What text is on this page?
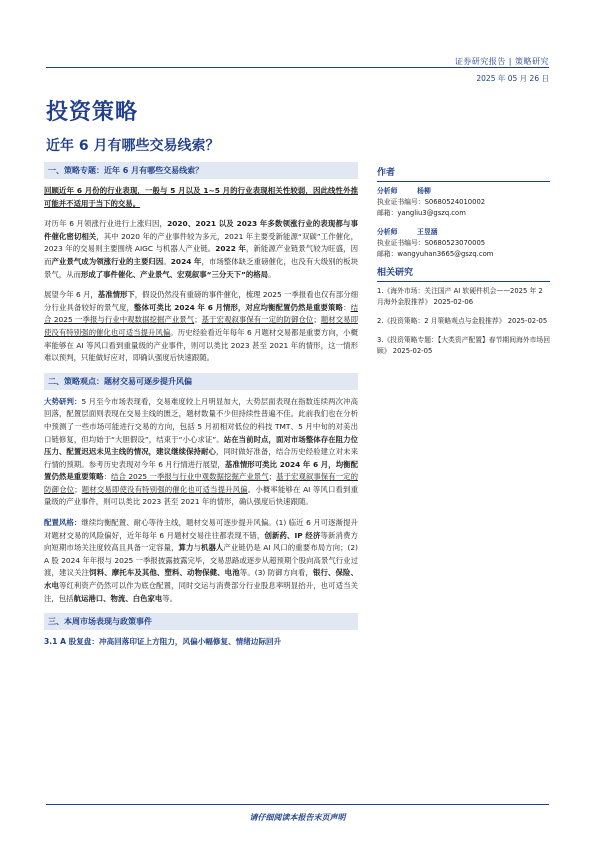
证券研究报告 | 策略研究
2025 年 05 月 26 日
投资策略
近年 6 月有哪些交易线索？
一、策略专题：近年 6 月有哪些交易线索？

回顾近年 6 月份的行业表现，一般与 5 月以及 1~5 月的行业表现相关性较弱，因此线性外推可能并不适用于当下的交易。

对历年 6 月领涨行业进行上涨归因，2020、2021 以及 2023 年多数领涨行业的表现都与事件催化密切相关，其中 2020 年的产业事件较为多元，2021 年主要受新能源“双碳”工作催化，2023 年的交易则主要围绕 AIGC 与机器人产业链。2022 年，新能源产业链景气较为旺盛，因而产业景气成为领涨行业的主要归因。2024 年，市场整体缺乏重磅催化，也没有大级别的板块景气，从而形成了事件催化、产业景气、宏观叙事“三分天下”的格局。

展望今年 6 月，基准情形下，假设仍然没有重磅的事件催化，梳理 2025 一季报看也仅有部分细分行业具备较好的景气度，整体可类比 2024 年 6 月情形，对应均衡配置仍然是重要策略：结合 2025 一季报与行业中观数据挖掘产业景气；基于宏观叙事保有一定的防御仓位；题材交易即使没有特别强的催化也可适当提升风偏。历史经验看近年每年 6 月题材交易都是重要方向，小概率能够在 AI 等风口看到重量级的产业事件，则可以类比 2023 甚至 2021 年的情形，这一情形难以预判，只能做好应对，即确认强度后快速跟随。

二、策略观点：题材交易可逐步提升风偏

大势研判：5 月至今市场表现看，交易难度较上月明显加大，大势层面表现在指数连续两次冲高回落，配置层面则表现在交易主线的匮乏，题材数量不少但持续性普遍不佳。此前我们也在分析中预测了一些市场可能进行交易的方向，包括 5 月初相对低位的科技 TMT、5 月中旬的对美出口链修复，但均始于“大胆假设”，结束于“小心求证”。站在当前时点，面对市场整体存在阻力位压力、配置迟迟未见主线的情况，建议继续保持耐心，同时做好准备，结合历史经验建立对未来行情的预期。参考历史表现对今年 6 月行情进行展望，基准情形可类比 2024 年 6 月，均衡配置仍然是重要策略：结合 2025 一季报与行业中观数据挖掘产业景气；基于宏观叙事保有一定的防御仓位；题材交易即使没有特别强的催化也可适当提升风偏。小概率能够在 AI 等风口看到重量级的产业事件，则可以类比 2023 甚至 2021 年的情形，确认强度后快速跟随。

配置风格：继续均衡配置、耐心等待主线，题材交易可逐步提升风偏。(1) 临近 6 月可逐渐提升对题材交易的风险偏好，近年每年 6 月题材交易往往都表现不错，创新药、IP 经济等新消费方向短期市场关注度较高且具备一定容量，算力与机器人产业链仍是 AI 风口的重要布局方向；(2) A 股 2024 年年报与 2025 一季报披露披露完毕，交易思路或逐步从超预期个股向高景气行业过渡，建议关注饲料、摩托车及其他、塑料、动物保健、电池等。(3) 防御方向看，银行、保险、水电等红利资产仍然可以作为底仓配置，同时交运与消费部分行业股息率明显抬升，也可适当关注，包括航运港口、物流、白色家电等。

三、本周市场表现与政策事件
3.1 A 股复盘：冲高回落印证上方阻力，风偏小幅修复、情绪边际回升
作者
分析师	杨柳
执业证书编号：S0680524010002
邮箱：yangliu3@gszq.com
分析师	王昱涵
执业证书编号：S0680523070005
邮箱：wangyuhan3665@gszq.com
相关研究
1.《海外市场：关注国产 AI 软硬件机会——2025 年 2 月海外金股推荐》 2025-02-06
2.《投资策略：2 月策略观点与金股推荐》 2025-02-05
3.《投资策略专题：【大类资产配置】春节期间海外市场回顾》 2025-02-05
请仔细阅读本报告末页声明
